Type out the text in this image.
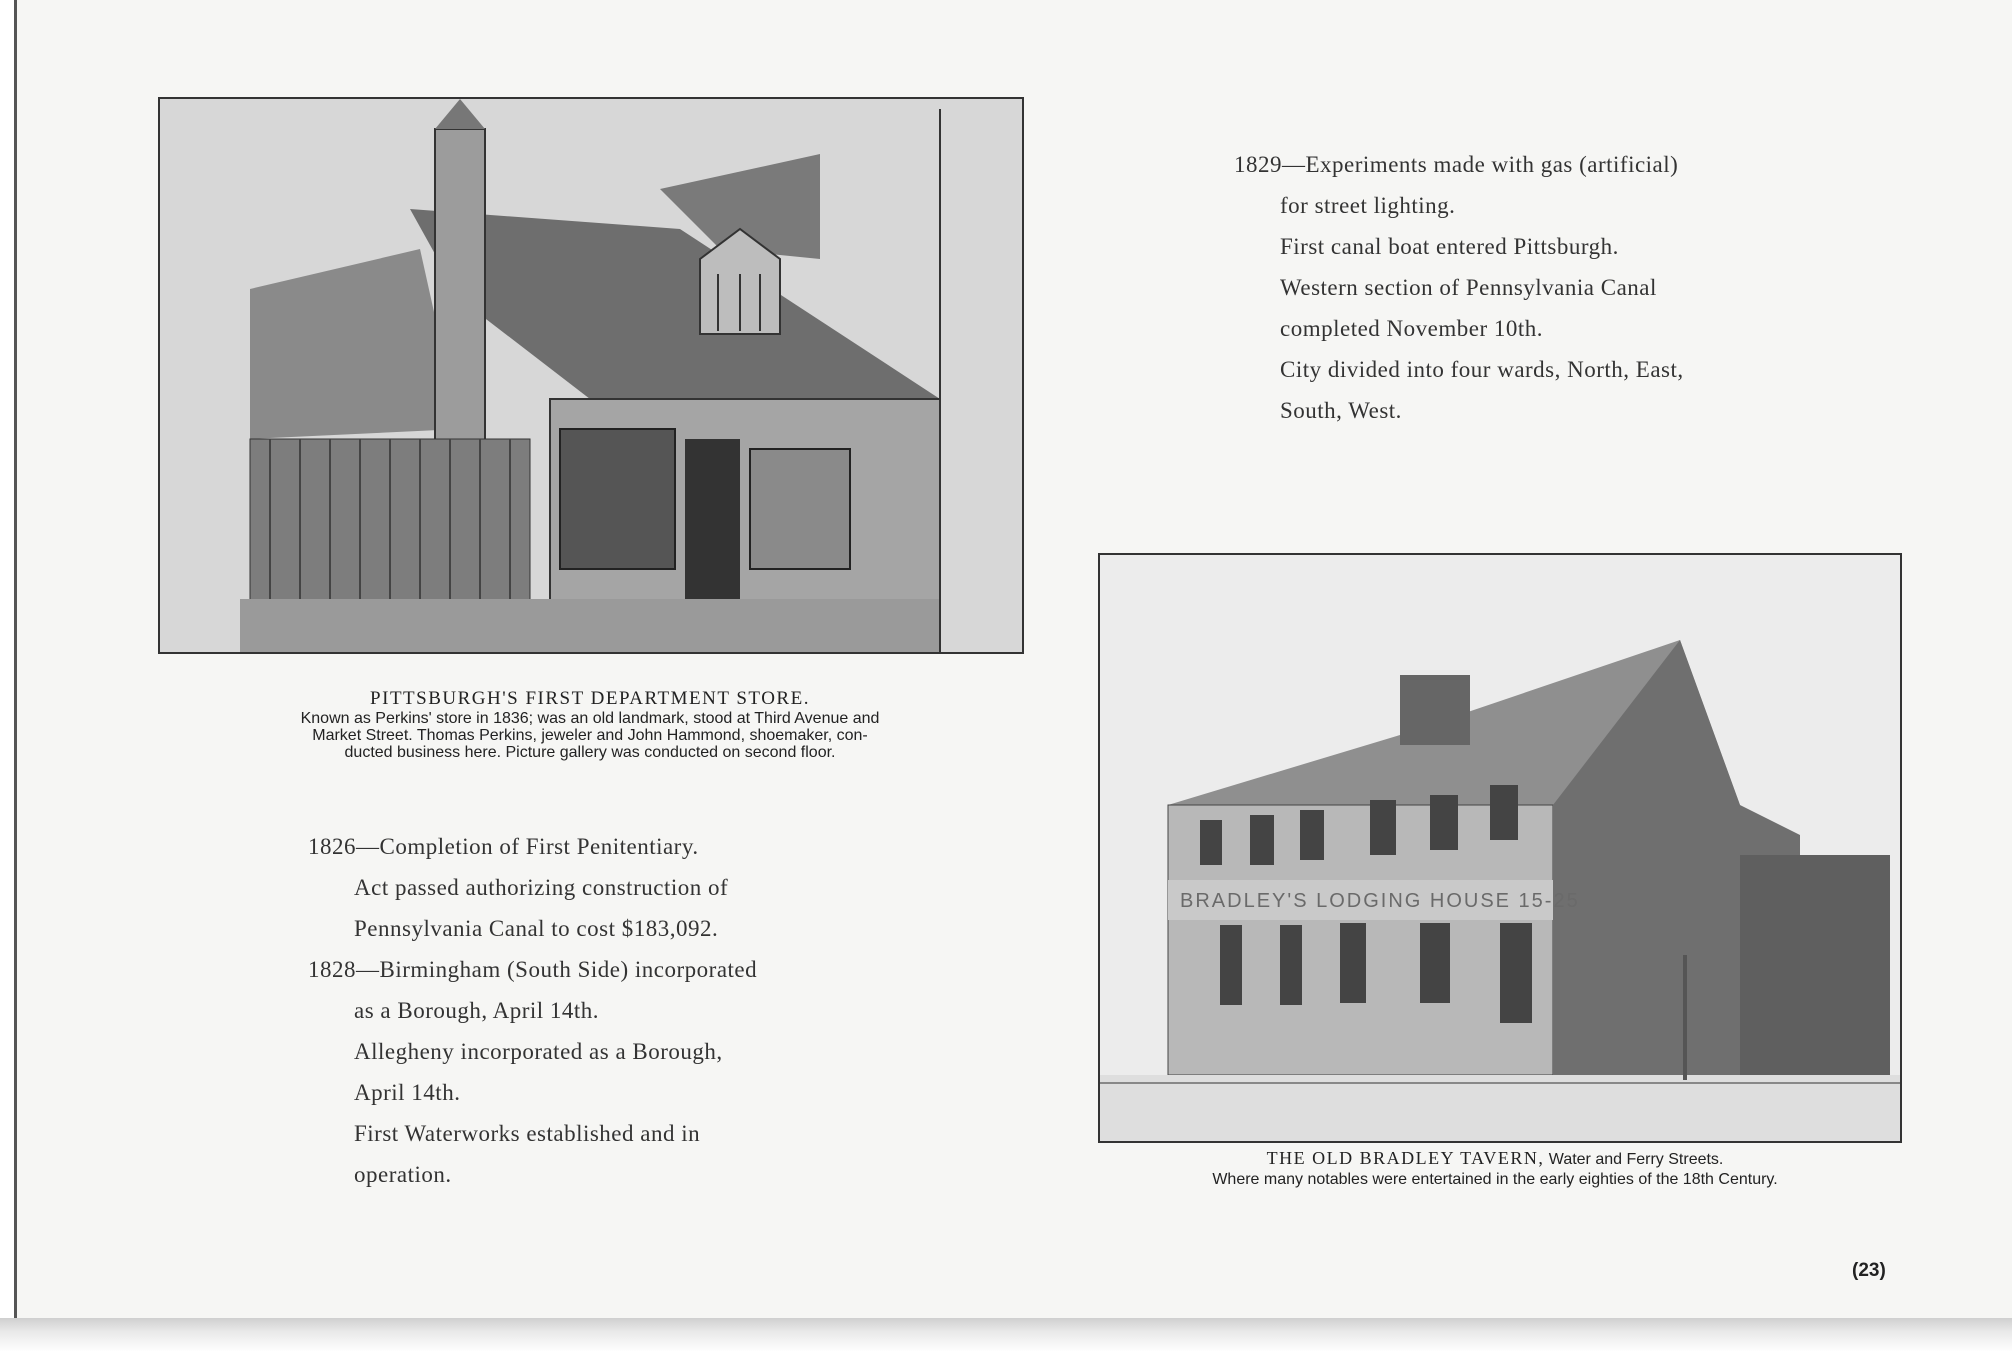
PITTSBURGH'S FIRST DEPARTMENT STORE.
Known as Perkins' store in 1836; was an old landmark, stood at Third Avenue and
Market Street. Thomas Perkins, jeweler and John Hammond, shoemaker, con-
ducted business here. Picture gallery was conducted on second floor.
BRADLEY'S LODGING HOUSE 15-25
THE OLD BRADLEY TAVERN, Water and Ferry Streets.
Where many notables were entertained in the early eighties of the 18th Century.
1829—Experiments made with gas (artificial)
for street lighting.
First canal boat entered Pittsburgh.
Western section of Pennsylvania Canal
completed November 10th.
City divided into four wards, North, East,
South, West.
1826—Completion of First Penitentiary.
Act passed authorizing construction of
Pennsylvania Canal to cost $183,092.
1828—Birmingham (South Side) incorporated
as a Borough, April 14th.
Allegheny incorporated as a Borough,
April 14th.
First Waterworks established and in
operation.
(23)
